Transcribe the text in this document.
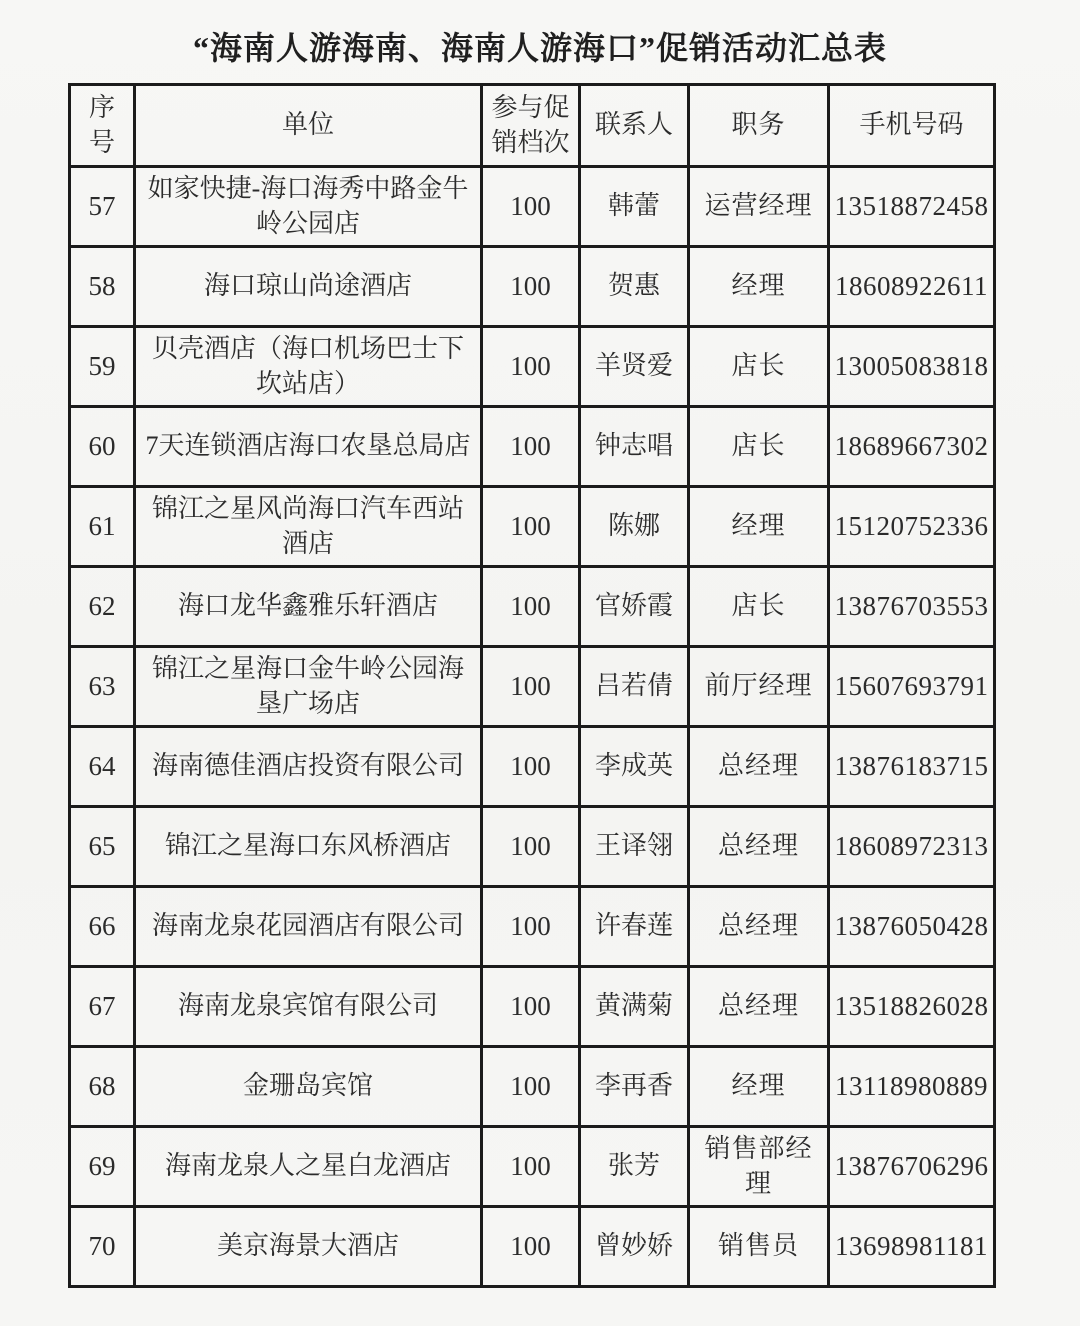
“海南人游海南、海南人游海口”促销活动汇总表
序号	单位	参与促销档次	联系人	职务	手机号码
57	如家快捷-海口海秀中路金牛岭公园店	100	韩蕾	运营经理	13518872458
58	海口琼山尚途酒店	100	贺惠	经理	18608922611
59	贝壳酒店（海口机场巴士下坎站店）	100	羊贤爱	店长	13005083818
60	7天连锁酒店海口农垦总局店	100	钟志唱	店长	18689667302
61	锦江之星风尚海口汽车西站酒店	100	陈娜	经理	15120752336
62	海口龙华鑫雅乐轩酒店	100	官娇霞	店长	13876703553
63	锦江之星海口金牛岭公园海垦广场店	100	吕若倩	前厅经理	15607693791
64	海南德佳酒店投资有限公司	100	李成英	总经理	13876183715
65	锦江之星海口东风桥酒店	100	王译翎	总经理	18608972313
66	海南龙泉花园酒店有限公司	100	许春莲	总经理	13876050428
67	海南龙泉宾馆有限公司	100	黄满菊	总经理	13518826028
68	金珊岛宾馆	100	李再香	经理	13118980889
69	海南龙泉人之星白龙酒店	100	张芳	销售部经理	13876706296
70	美京海景大酒店	100	曾妙娇	销售员	13698981181
